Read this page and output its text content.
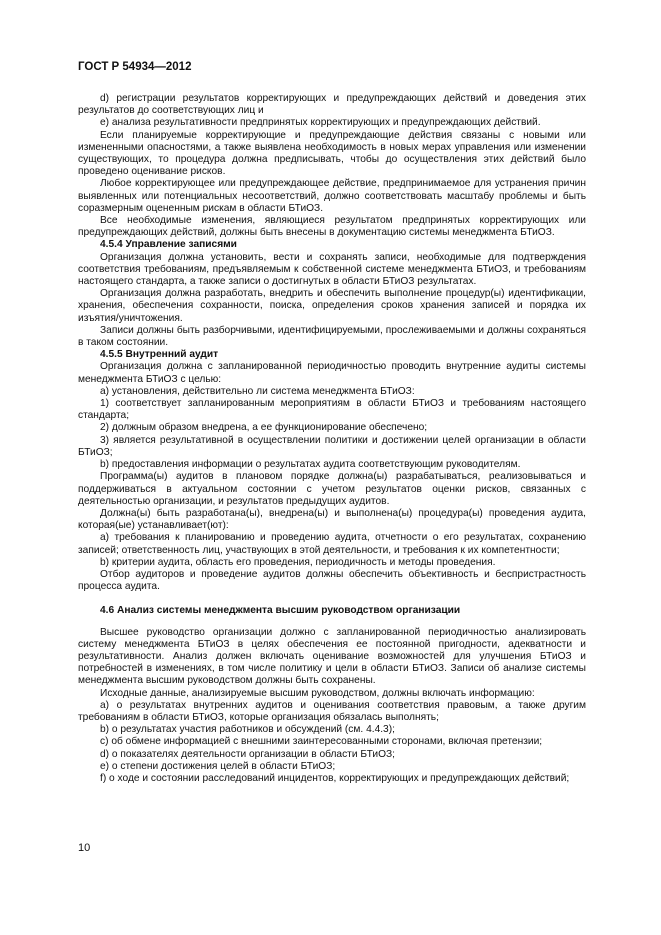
ГОСТ Р 54934—2012

d) регистрации результатов корректирующих и предупреждающих действий и доведения этих результатов до соответствующих лиц и

е) анализа результативности предпринятых корректирующих и предупреждающих действий.

Если планируемые корректирующие и предупреждающие действия связаны с новыми или измененными опасностями, а также выявлена необходимость в новых мерах управления или изменении существующих, то процедура должна предписывать, чтобы до осуществления этих действий было проведено оценивание рисков.

Любое корректирующее или предупреждающее действие, предпринимаемое для устранения причин выявленных или потенциальных несоответствий, должно соответствовать масштабу проблемы и быть соразмерным оцененным рискам в области БТиОЗ.

Все необходимые изменения, являющиеся результатом предпринятых корректирующих или предупреждающих действий, должны быть внесены в документацию системы менеджмента БТиОЗ.

4.5.4 Управление записями

Организация должна установить, вести и сохранять записи, необходимые для подтверждения соответствия требованиям, предъявляемым к собственной системе менеджмента БТиОЗ, и требованиям настоящего стандарта, а также записи о достигнутых в области БТиОЗ результатах.

Организация должна разработать, внедрить и обеспечить выполнение процедур(ы) идентификации, хранения, обеспечения сохранности, поиска, определения сроков хранения записей и порядка их изъятия/уничтожения.

Записи должны быть разборчивыми, идентифицируемыми, прослеживаемыми и должны сохраняться в таком состоянии.

4.5.5 Внутренний аудит

Организация должна с запланированной периодичностью проводить внутренние аудиты системы менеджмента БТиОЗ с целью:

а) установления, действительно ли система менеджмента БТиОЗ:

1) соответствует запланированным мероприятиям в области БТиОЗ и требованиям настоящего стандарта;

2) должным образом внедрена, а ее функционирование обеспечено;

3) является результативной в осуществлении политики и достижении целей организации в области БТиОЗ;

b) предоставления информации о результатах аудита соответствующим руководителям.

Программа(ы) аудитов в плановом порядке должна(ы) разрабатываться, реализовываться и поддерживаться в актуальном состоянии с учетом результатов оценки рисков, связанных с деятельностью организации, и результатов предыдущих аудитов.

Должна(ы) быть разработана(ы), внедрена(ы) и выполнена(ы) процедура(ы) проведения аудита, которая(ые) устанавливает(ют):

а) требования к планированию и проведению аудита, отчетности о его результатах, сохранению записей; ответственность лиц, участвующих в этой деятельности, и требования к их компетентности;

b) критерии аудита, область его проведения, периодичность и методы проведения.

Отбор аудиторов и проведение аудитов должны обеспечить объективность и беспристрастность процесса аудита.

4.6 Анализ системы менеджмента высшим руководством организации

Высшее руководство организации должно с запланированной периодичностью анализировать систему менеджмента БТиОЗ в целях обеспечения ее постоянной пригодности, адекватности и результативности. Анализ должен включать оценивание возможностей для улучшения БТиОЗ и потребностей в изменениях, в том числе политику и цели в области БТиОЗ. Записи об анализе системы менеджмента высшим руководством должны быть сохранены.

Исходные данные, анализируемые высшим руководством, должны включать информацию:

а) о результатах внутренних аудитов и оценивания соответствия правовым, а также другим требованиям в области БТиОЗ, которые организация обязалась выполнять;

b) о результатах участия работников и обсуждений (см. 4.4.3);

c) об обмене информацией с внешними заинтересованными сторонами, включая претензии;

d) о показателях деятельности организации в области БТиОЗ;

е) о степени достижения целей в области БТиОЗ;

f) о ходе и состоянии расследований инцидентов, корректирующих и предупреждающих действий;

10
